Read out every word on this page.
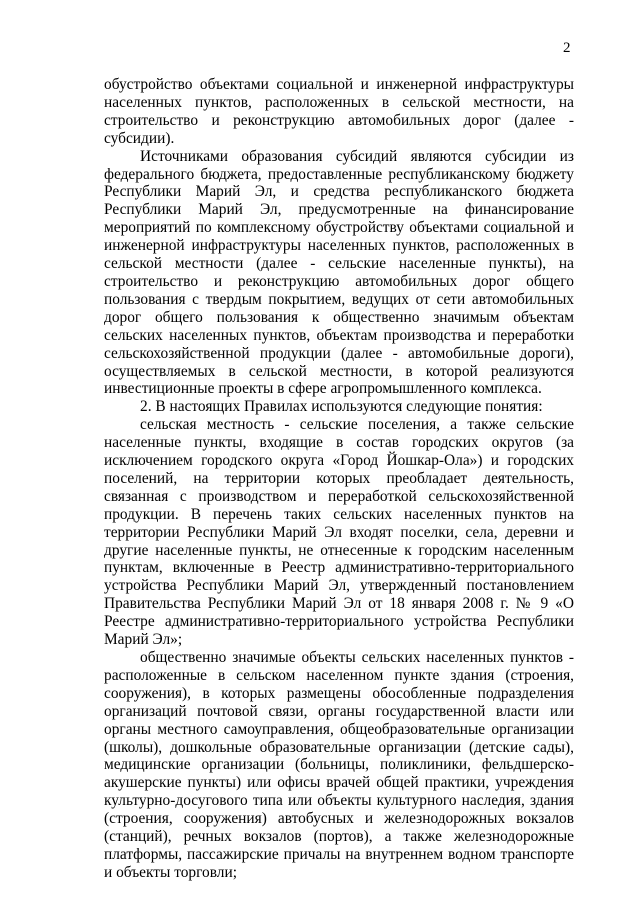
2

обустройство объектами социальной и инженерной инфраструктуры населенных пунктов, расположенных в сельской местности, на строительство и реконструкцию автомобильных дорог (далее - субсидии).

Источниками образования субсидий являются субсидии из федерального бюджета, предоставленные республиканскому бюджету Республики Марий Эл, и средства республиканского бюджета Республики Марий Эл, предусмотренные на финансирование мероприятий по комплексному обустройству объектами социальной и инженерной инфраструктуры населенных пунктов, расположенных в сельской местности (далее - сельские населенные пункты), на строительство и реконструкцию автомобильных дорог общего пользования с твердым покрытием, ведущих от сети автомобильных дорог общего пользования к общественно значимым объектам сельских населенных пунктов, объектам производства и переработки сельскохозяйственной продукции (далее - автомобильные дороги), осуществляемых в сельской местности, в которой реализуются инвестиционные проекты в сфере агропромышленного комплекса.

2. В настоящих Правилах используются следующие понятия:

сельская местность - сельские поселения, а также сельские населенные пункты, входящие в состав городских округов (за исключением городского округа «Город Йошкар-Ола») и городских поселений, на территории которых преобладает деятельность, связанная с производством и переработкой сельскохозяйственной продукции. В перечень таких сельских населенных пунктов на территории Республики Марий Эл входят поселки, села, деревни и другие населенные пункты, не отнесенные к городским населенным пунктам, включенные в Реестр административно-территориального устройства Республики Марий Эл, утвержденный постановлением Правительства Республики Марий Эл от 18 января 2008 г. № 9 «О Реестре административно-территориального устройства Республики Марий Эл»;

общественно значимые объекты сельских населенных пунктов - расположенные в сельском населенном пункте здания (строения, сооружения), в которых размещены обособленные подразделения организаций почтовой связи, органы государственной власти или органы местного самоуправления, общеобразовательные организации (школы), дошкольные образовательные организации (детские сады), медицинские организации (больницы, поликлиники, фельдшерско-акушерские пункты) или офисы врачей общей практики, учреждения культурно-досугового типа или объекты культурного наследия, здания (строения, сооружения) автобусных и железнодорожных вокзалов (станций), речных вокзалов (портов), а также железнодорожные платформы, пассажирские причалы на внутреннем водном транспорте и объекты торговли;
